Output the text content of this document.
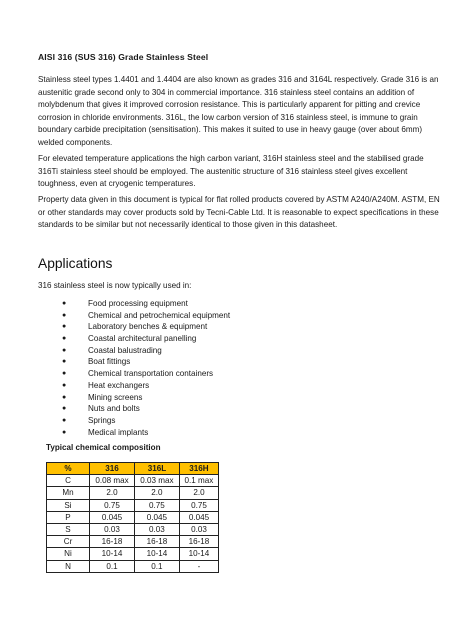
AISI 316 (SUS 316) Grade Stainless Steel

Stainless steel types 1.4401 and 1.4404 are also known as grades 316 and 3164L respectively. Grade 316 is an austenitic grade second only to 304 in commercial importance. 316 stainless steel contains an addition of molybdenum that gives it improved corrosion resistance. This is particularly apparent for pitting and crevice corrosion in chloride environments. 316L, the low carbon version of 316 stainless steel, is immune to grain boundary carbide precipitation (sensitisation). This makes it suited to use in heavy gauge (over about 6mm) welded components.

For elevated temperature applications the high carbon variant, 316H stainless steel and the stabilised grade 316Ti stainless steel should be employed. The austenitic structure of 316 stainless steel gives excellent toughness, even at cryogenic temperatures.

Property data given in this document is typical for flat rolled products covered by ASTM A240/A240M. ASTM, EN or other standards may cover products sold by Tecni-Cable Ltd. It is reasonable to expect specifications in these standards to be similar but not necessarily identical to those given in this datasheet.

Applications
316 stainless steel is now typically used in:
●	Food processing equipment
●	Chemical and petrochemical equipment
●	Laboratory benches & equipment
●	Coastal architectural panelling
●	Coastal balustrading
●	Boat fittings
●	Chemical transportation containers
●	Heat exchangers
●	Mining screens
●	Nuts and bolts
●	Springs
●	Medical implants
Typical chemical composition
%	316	316L	316H
C	0.08 max	0.03 max	0.1 max
Mn	2.0	2.0	2.0
Si	0.75	0.75	0.75
P	0.045	0.045	0.045
S	0.03	0.03	0.03
Cr	16-18	16-18	16-18
Ni	10-14	10-14	10-14
N	0.1	0.1	-
